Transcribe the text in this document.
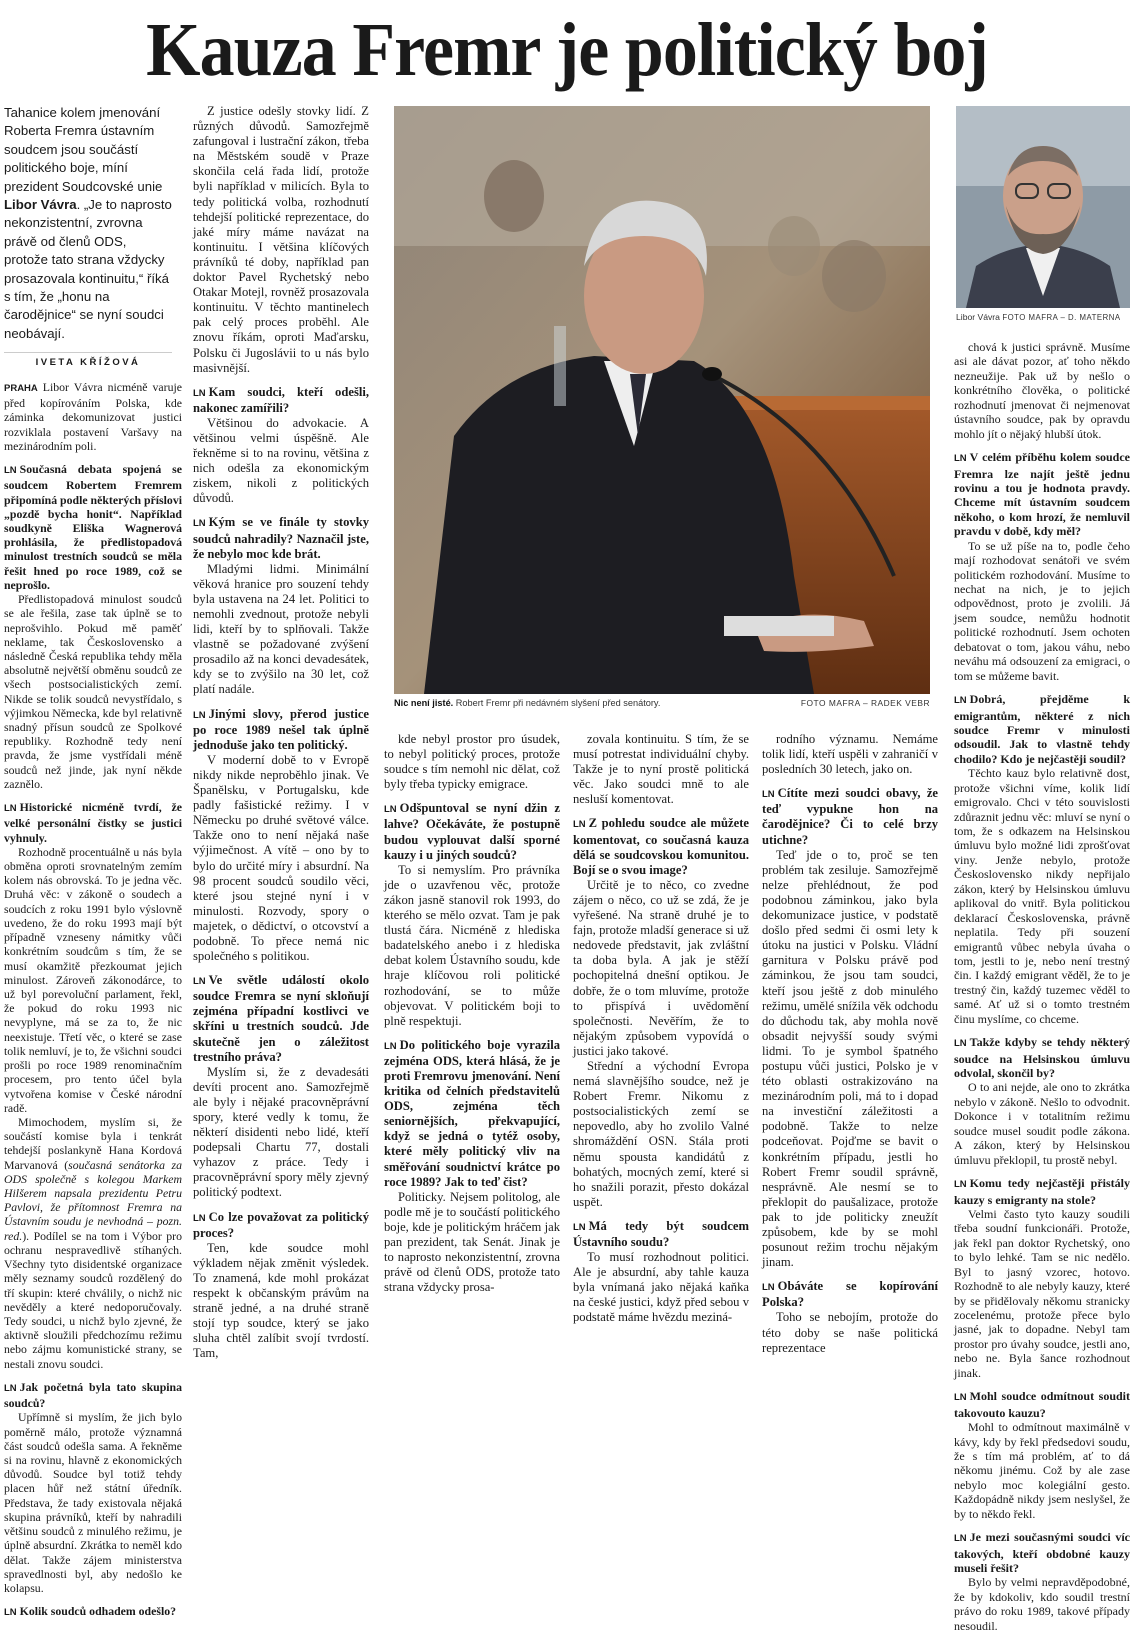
Kauza Fremr je politický boj
Tahanice kolem jmenování Roberta Fremra ústavním soudcem jsou součástí politického boje, míní prezident Soudcovské unie Libor Vávra. „Je to naprosto nekonzistentní, zvrovna právě od členů ODS, protože tato strana vždycky prosazovala kontinuitu,“ říká s tím, že „honu na čarodějnice“ se nyní soudci neobávají.
IVETA KŘÍŽOVÁ

PRAHA Libor Vávra nicméně varuje před kopírováním Polska, kde záminka dekomunizovat justici rozviklala postavení Varšavy na mezinárodním poli.

LN Současná debata spojená se soudcem Robertem Fremrem připomíná podle některých příslovi „pozdě bycha honit“. Například soudkyně Eliška Wagnerová prohlásila, že předlistopadová minulost trestních soudců se měla řešit hned po roce 1989, což se neprošlo.

Předlistopadová minulost soudců se ale řešila, zase tak úplně se to neprošvihlo. Pokud mě paměť neklame, tak Československo a následně Česká republika tehdy měla absolutně největší obměnu soudců ze všech postsocialistických zemí. Nikde se tolik soudců nevystřídalo, s výjimkou Německa, kde byl relativně snadný přísun soudců ze Spolkové republiky. Rozhodně tedy není pravda, že jsme vystřídali méně soudců než jinde, jak nyní někde zaznělo.

LN Historické nicméně tvrdí, že velké personální čistky se justici vyhnuly.

Rozhodně procentuálně u nás byla obměna oproti srovnatelným zemím kolem nás obrovská. To je jedna věc. Druhá věc: v zákoně o soudech a soudcích z roku 1991 bylo výslovně uvedeno, že do roku 1993 mají být případně vzneseny námitky vůči konkrétním soudcům s tím, že se musí okamžitě přezkoumat jejich minulost. Zároveň zákonodárce, to už byl porevoluční parlament, řekl, že pokud do roku 1993 nic nevyplyne, má se za to, že nic neexistuje. Třetí věc, o které se zase tolik nemluví, je to, že všichni soudci prošli po roce 1989 renominačním procesem, pro tento účel byla vytvořena komise v České národní radě.

Mimochodem, myslím si, že součástí komise byla i tenkrát tehdejší poslankyně Hana Kordová Marvanová (současná senátorka za ODS společně s kolegou Markem Hilšerem napsala prezidentu Petru Pavlovi, že přítomnost Fremra na Ústavním soudu je nevhodná – pozn. red.). Podílel se na tom i Výbor pro ochranu nespravedlivě stíhaných. Všechny tyto disidentské organizace měly seznamy soudců rozdělený do tří skupin: které chválily, o nichž nic nevěděly a které nedoporučovaly. Tedy soudci, u nichž bylo zjevné, že aktivně sloužili předchozímu režimu nebo zájmu komunistické strany, se nestali znovu soudci.

LN Jak početná byla tato skupina soudců?

Upřímně si myslím, že jich bylo poměrně málo, protože významná část soudců odešla sama. A řekněme si na rovinu, hlavně z ekonomických důvodů. Soudce byl totiž tehdy placen hůř než státní úředník. Představa, že tady existovala nějaká skupina právníků, kteří by nahradili většinu soudců z minulého režimu, je úplně absurdní. Zkrátka to neměl kdo dělat. Takže zájem ministerstva spravedlnosti byl, aby nedošlo ke kolapsu.

LN Kolik soudců odhadem odešlo?

Z justice odešly stovky lidí. Z různých důvodů. Samozřejmě zafungoval i lustrační zákon, třeba na Městském soudě v Praze skončila celá řada lidí, protože byli například v milicích. Byla to tedy politická volba, rozhodnutí tehdejší politické reprezentace, do jaké míry máme navázat na kontinuitu. I většina klíčových právníků té doby, například pan doktor Pavel Rychetský nebo Otakar Motejl, rovněž prosazovala kontinuitu. V těchto mantinelech pak celý proces proběhl. Ale znovu říkám, oproti Maďarsku, Polsku či Jugoslávii to u nás bylo masivnější.

LN Kam soudci, kteří odešli, nakonec zamířili?

Většinou do advokacie. A většinou velmi úspěšně. Ale řekněme si to na rovinu, většina z nich odešla za ekonomickým ziskem, nikoli z politických důvodů.

LN Kým se ve finále ty stovky soudců nahradily? Naznačil jste, že nebylo moc kde brát.

Mladými lidmi. Minimální věková hranice pro souzení tehdy byla ustavena na 24 let. Politici to nemohli zvednout, protože nebyli lidi, kteří by to splňovali. Takže vlastně se požadované zvýšení prosadilo až na konci devadesátek, kdy se to zvýšilo na 30 let, což platí nadále.

LN Jinými slovy, přerod justice po roce 1989 nešel tak úplně jednoduše jako ten politický.

V moderní době to v Evropě nikdy nikde neproběhlo jinak. Ve Španělsku, v Portugalsku, kde padly fašistické režimy. I v Německu po druhé světové válce. Takže ono to není nějaká naše výjimečnost. A vítě – ono by to bylo do určité míry i absurdní. Na 98 procent soudců soudilo věci, které jsou stejné nyní i v minulosti. Rozvody, spory o majetek, o dědictví, o otcovství a podobně. To přece nemá nic společného s politikou.

LN Ve světle událostí okolo soudce Fremra se nyní skloňují zejména případní kostlivci ve skříni u trestních soudců. Jde skutečně jen o záležitost trestního práva?

Myslím si, že z devadesáti devíti procent ano. Samozřejmě ale byly i nějaké pracovněprávní spory, které vedly k tomu, že některí disidenti nebo lidé, kteří podepsali Chartu 77, dostali vyhazov z práce. Tedy i pracovněprávní spory měly zjevný politický podtext.

LN Co lze považovat za politický proces?

Ten, kde soudce mohl výkladem nějak změnit výsledek. To znamená, kde mohl prokázat respekt k občanským právům na straně jedné, a na druhé straně stojí typ soudce, který se jako sluha chtěl zalíbit svojí tvrdostí. Tam,

Nic není jisté. Robert Fremr při nedávném slyšení před senátory.	FOTO MAFRA – RADEK VEBR
Libor Vávra FOTO MAFRA – D. MATERNA

kde nebyl prostor pro úsudek, to nebyl politický proces, protože soudce s tím nemohl nic dělat, což byly třeba typicky emigrace.

LN Odšpuntoval se nyní džin z lahve? Očekáváte, že postupně budou vyplouvat další sporné kauzy i u jiných soudců?

To si nemyslím. Pro právníka jde o uzavřenou věc, protože zákon jasně stanovil rok 1993, do kterého se mělo ozvat. Tam je pak tlustá čára. Nicméně z hlediska badatelského anebo i z hlediska debat kolem Ústavního soudu, kde hraje klíčovou roli politické rozhodování, se to může objevovat. V politickém boji to plně respektuji.

LN Do politického boje vyrazila zejména ODS, která hlásá, že je proti Fremrovu jmenování. Není kritika od čelních představitelů ODS, zejména těch seniornějších, překvapující, když se jedná o tytéž osoby, které měly politický vliv na směřování soudnictví krátce po roce 1989? Jak to teď čist?

Politicky. Nejsem politolog, ale podle mě je to součástí politického boje, kde je politickým hráčem jak pan prezident, tak Senát. Jinak je to naprosto nekonzistentní, zrovna právě od členů ODS, protože tato strana vždycky prosa-

zovala kontinuitu. S tím, že se musí potrestat individuální chyby. Takže je to nyní prostě politická věc. Jako soudci mně to ale nesluší komentovat.

LN Z pohledu soudce ale můžete komentovat, co současná kauza dělá se soudcovskou komunitou. Bojí se o svou image?

Určitě je to něco, co zvedne zájem o něco, co už se zdá, že je vyřešené. Na straně druhé je to fajn, protože mladší generace si už nedovede představit, jak zvláštní ta doba byla. A jak je stěží pochopitelná dnešní optikou. Je dobře, že o tom mluvíme, protože to přispívá i uvědomění společnosti. Nevěřím, že to nějakým způsobem vypovídá o justici jako takové.

Střední a východní Evropa nemá slavnějšího soudce, než je Robert Fremr. Nikomu z postsocialistických zemí se nepovedlo, aby ho zvolilo Valné shromáždění OSN. Stála proti němu spousta kandidátů z bohatých, mocných zemí, které si ho snažili porazit, přesto dokázal uspět.

LN Má tedy být soudcem Ústavního soudu?

To musí rozhodnout politici. Ale je absurdní, aby tahle kauza byla vnímaná jako nějaká kaňka na české justici, když před sebou v podstatě máme hvězdu meziná-

rodního významu. Nemáme tolik lidí, kteří uspěli v zahraničí v posledních 30 letech, jako on.

LN Cítíte mezi soudci obavy, že teď vypukne hon na čarodějnice? Či to celé brzy utichne?

Teď jde o to, proč se ten problém tak zesiluje. Samozřejmě nelze přehlédnout, že pod podobnou záminkou, jako byla dekomunizace justice, v podstatě došlo před sedmi či osmi lety k útoku na justici v Polsku. Vládní garnitura v Polsku právě pod záminkou, že jsou tam soudci, kteří jsou ještě z dob minulého režimu, umělé snížila věk odchodu do důchodu tak, aby mohla nově obsadit nejvyšší soudy svými lidmi. To je symbol špatného postupu vůči justici, Polsko je v této oblasti ostrakizováno na mezinárodním poli, má to i dopad na investiční záležitosti a podobně. Takže to nelze podceňovat. Pojďme se bavit o konkrétním případu, jestli ho Robert Fremr soudil správně, nesprávně. Ale nesmí se to překlopit do paušalizace, protože pak to jde politicky zneužít způsobem, kde by se mohl posunout režim trochu nějakým jinam.

LN Obáváte se kopírování Polska?

Toho se nebojím, protože do této doby se naše politická reprezentace

chová k justici správně. Musíme asi ale dávat pozor, ať toho někdo nezneužije. Pak už by nešlo o konkrétního člověka, o politické rozhodnutí jmenovat či nejmenovat ústavního soudce, pak by opravdu mohlo jít o nějaký hlubší útok.

LN V celém příběhu kolem soudce Fremra lze najít ještě jednu rovinu a tou je hodnota pravdy. Chceme mít ústavním soudcem někoho, o kom hrozí, že nemluvil pravdu v době, kdy měl?

To se už píše na to, podle čeho mají rozhodovat senátoři ve svém politickém rozhodování. Musíme to nechat na nich, je to jejich odpovědnost, proto je zvolili. Já jsem soudce, nemůžu hodnotit politické rozhodnutí. Jsem ochoten debatovat o tom, jakou váhu, nebo neváhu má odsouzení za emigraci, o tom se můžeme bavit.

LN Dobrá, přejděme k emigrantům, některé z nich soudce Fremr v minulosti odsoudil. Jak to vlastně tehdy chodilo? Kdo je nejčastěji soudil?

Těchto kauz bylo relativně dost, protože všichni víme, kolik lidí emigrovalo. Chci v této souvislosti zdůraznit jednu věc: mluví se nyní o tom, že s odkazem na Helsinskou úmluvu bylo možné lidi zprošťovat viny. Jenže nebylo, protože Československo nikdy nepřijalo zákon, který by Helsinskou úmluvu aplikoval do vnitř. Byla politickou deklarací Československa, právně neplatila. Tedy při souzení emigrantů vůbec nebyla úvaha o tom, jestli to je, nebo není trestný čin. I každý emigrant věděl, že to je trestný čin, každý tuzemec věděl to samé. Ať už si o tomto trestném činu myslíme, co chceme.

LN Takže kdyby se tehdy některý soudce na Helsinskou úmluvu odvolal, skončil by?

O to ani nejde, ale ono to zkrátka nebylo v zákoně. Nešlo to odvodnit. Dokonce i v totalitním režimu soudce musel soudit podle zákona. A zákon, který by Helsinskou úmluvu překlopil, tu prostě nebyl.

LN Komu tedy nejčastěji přistály kauzy s emigranty na stole?

Velmi často tyto kauzy soudili třeba soudní funkcionáři. Protože, jak řekl pan doktor Rychetský, ono to bylo lehké. Tam se nic nedělo. Byl to jasný vzorec, hotovo. Rozhodně to ale nebyly kauzy, které by se přidělovaly někomu stranicky zocelenému, protože přece bylo jasné, jak to dopadne. Nebyl tam prostor pro úvahy soudce, jestli ano, nebo ne. Byla šance rozhodnout jinak.

LN Mohl soudce odmítnout soudit takovouto kauzu?

Mohl to odmítnout maximálně v kávy, kdy by řekl předsedovi soudu, že s tím má problém, ať to dá někomu jinému. Což by ale zase nebylo moc kolegiální gesto. Každopádně nikdy jsem neslyšel, že by to někdo řekl.

LN Je mezi současnými soudci víc takových, kteří obdobné kauzy museli řešit?

Bylo by velmi nepravděpodobné, že by kdokoliv, kdo soudil trestní právo do roku 1989, takové případy nesoudil.
